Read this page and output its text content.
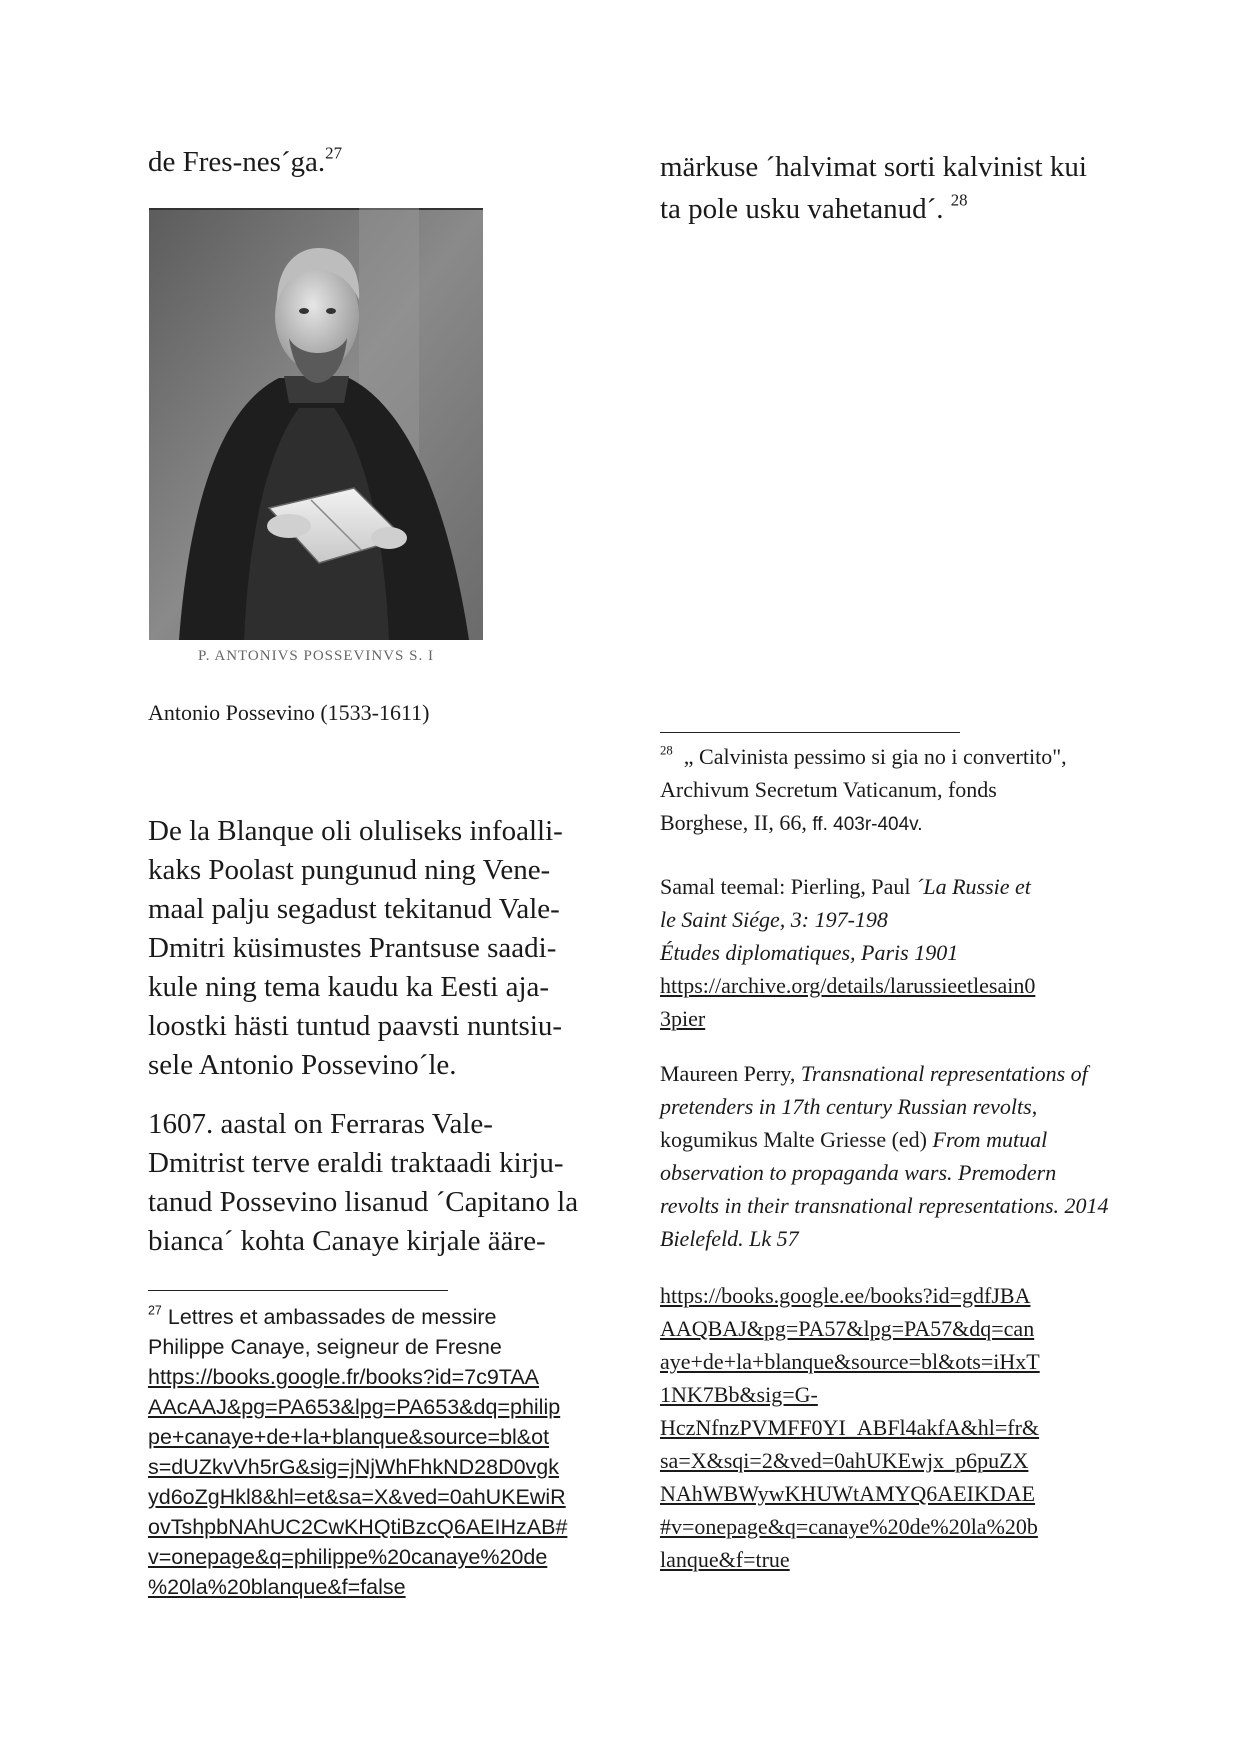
de Fres-nes´ga.$^{27}$
P. ANTONIVS POSSEVINVS S. I
Antonio Possevino (1533-1611)

De la Blanque oli oluliseks infoalli-
kaks Poolast pungunud ning Vene-
maal palju segadust tekitanud Vale-
Dmitri küsimustes Prantsuse saadi-
kule ning tema kaudu ka Eesti aja-
loostki hästi tuntud paavsti nuntsiu-
sele Antonio Possevino´le.

1607. aastal on Ferraras Vale-
Dmitrist terve eraldi traktaadi kirju-
tanud Possevino lisanud ´Capitano la
bianca´ kohta Canaye kirjale ääre-

$^{27}$ Lettres et ambassades de messire
Philippe Canaye, seigneur de Fresne
https://books.google.fr/books?id=7c9TAA
AAcAAJ&pg=PA653&lpg=PA653&dq=philip
pe+canaye+de+la+blanque&source=bl&ot
s=dUZkvVh5rG&sig=jNjWhFhkND28D0vgk
yd6oZgHkl8&hl=et&sa=X&ved=0ahUKEwiR
ovTshpbNAhUC2CwKHQtiBzcQ6AEIHzAB#
v=onepage&q=philippe%20canaye%20de
%20la%20blanque&f=false
märkuse ´halvimat sorti kalvinist kui
ta pole usku vahetanud´. $^{28}$

$^{28}$ „ Calvinista pessimo si gia no i convertito",

Archivum Secretum Vaticanum, fonds

Borghese, II, 66, ff. 403r-404v.

Samal teemal: Pierling, Paul ´La Russie et

le Saint Siége, 3: 197-198

Études diplomatiques, Paris 1901

https://archive.org/details/larussieetlesain0
3pier

Maureen Perry, Transnational representations of pretenders in 17th century Russian revolts, kogumikus Malte Griesse (ed) From mutual observation to propaganda wars. Premodern revolts in their transnational representations. 2014 Bielefeld. Lk 57

https://books.google.ee/books?id=gdfJBA
AAQBAJ&pg=PA57&lpg=PA57&dq=can
aye+de+la+blanque&source=bl&ots=iHxT
1NK7Bb&sig=G-
HczNfnzPVMFF0YI_ABFl4akfA&hl=fr&
sa=X&sqi=2&ved=0ahUKEwjx_p6puZX
NAhWBWywKHUWtAMYQ6AEIKDAE
#v=onepage&q=canaye%20de%20la%20b
lanque&f=true
